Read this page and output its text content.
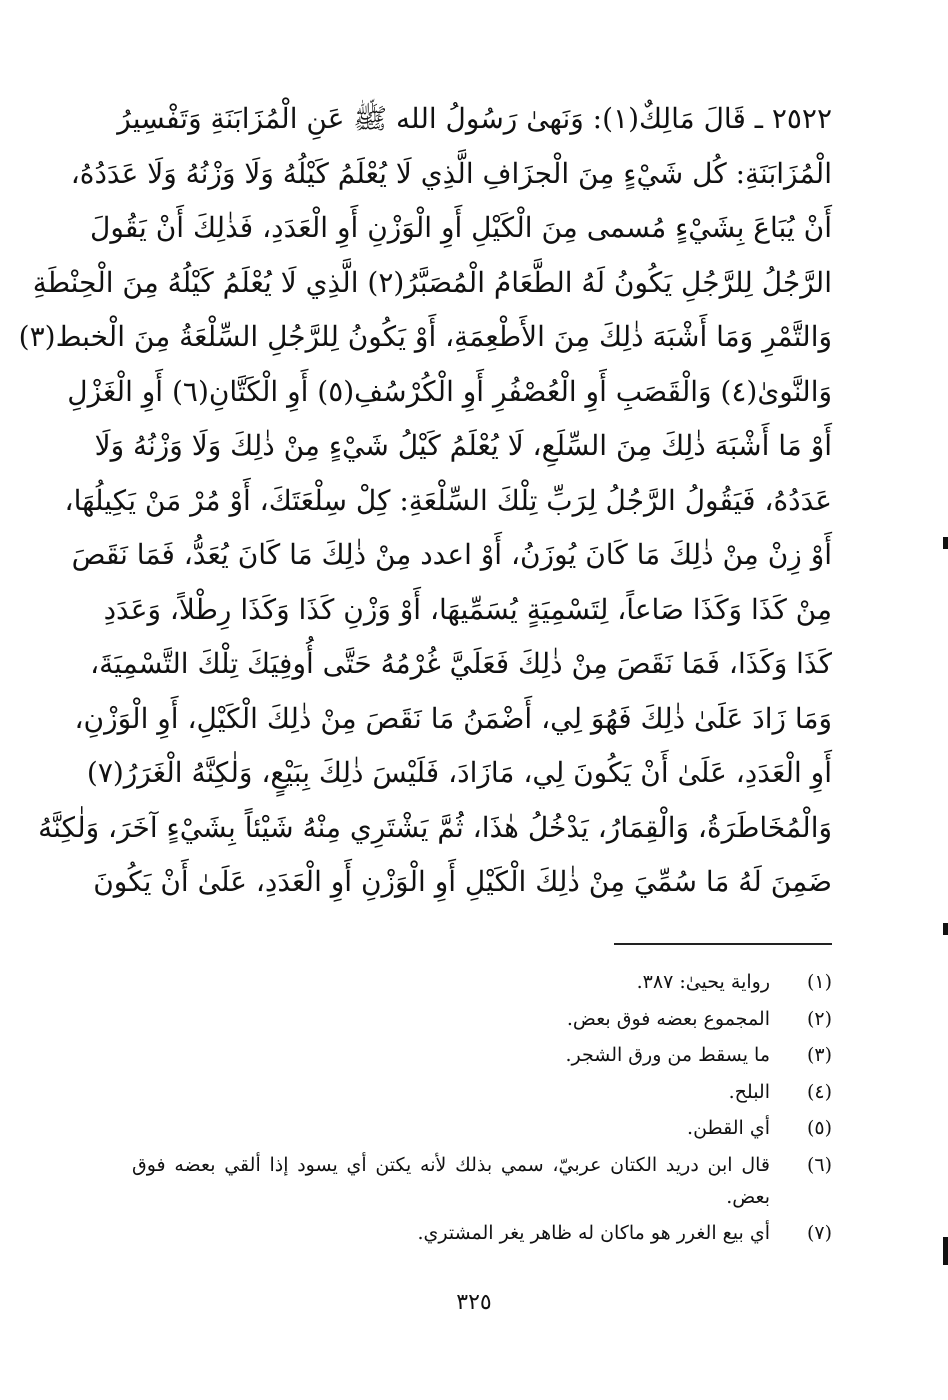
٢٥٢٢ ـ قَالَ مَالِكٌ(١): وَنَهىٰ رَسُولُ الله ﷺ عَنِ الْمُزَابَنَةِ وَتَفْسِيرُ
الْمُزَابَنَةِ: كُل شَيْءٍ مِنَ الْجزَافِ الَّذِي لَا يُعْلَمُ كَيْلُهُ وَلَا وَزْنُهُ وَلَا عَدَدُهُ،
أَنْ يُبَاعَ بِشَيْءٍ مُسمى مِنَ الْكَيْلِ أَوِ الْوَزْنِ أَوِ الْعَدَدِ، فَذٰلِكَ أَنْ يَقُولَ
الرَّجُلُ لِلرَّجُلِ يَكُونُ لَهُ الطَّعَامُ الْمُصَبَّرُ(٢) الَّذِي لَا يُعْلَمُ كَيْلُهُ مِنَ الْحِنْطَةِ
وَالتَّمْرِ وَمَا أَشْبَهَ ذٰلِكَ مِنَ الأَطْعِمَةِ، أَوْ يَكُونُ لِلرَّجُلِ السِّلْعَةُ مِنَ الْخبط(٣)
وَالنَّوىٰ(٤) وَالْقَصَبِ أَوِ الْعُصْفُرِ أَوِ الْكُرْسُفِ(٥) أَوِ الْكَتَّانِ(٦) أَوِ الْغَزْلِ
أَوْ مَا أَشْبَهَ ذٰلِكَ مِنَ السِّلَعِ، لَا يُعْلَمُ كَيْلُ شَيْءٍ مِنْ ذٰلِكَ وَلَا وَزْنُهُ وَلَا
عَدَدُهُ، فَيَقُولُ الرَّجُلُ لِرَبِّ تِلْكَ السِّلْعَةِ: كِلْ سِلْعَتَكَ، أَوْ مُرْ مَنْ يَكِيلُهَا،
أَوْ زِنْ مِنْ ذٰلِكَ مَا كَانَ يُوزَنُ، أَوْ اعدد مِنْ ذٰلِكَ مَا كَانَ يُعَدُّ، فَمَا نَقَصَ
مِنْ كَذَا وَكَذَا صَاعاً، لِتَسْمِيَةٍ يُسَمِّيهَا، أَوْ وَزْنِ كَذَا وَكَذَا رِطْلاً، وَعَدَدِ
كَذَا وَكَذَا، فَمَا نَقَصَ مِنْ ذٰلِكَ فَعَلَيَّ غُرْمُهُ حَتَّى أُوفِيَكَ تِلْكَ التَّسْمِيَةَ،
وَمَا زَادَ عَلَىٰ ذٰلِكَ فَهُوَ لِي، أَضْمَنُ مَا نَقَصَ مِنْ ذٰلِكَ الْكَيْلِ، أَوِ الْوَزْنِ،
أَوِ الْعَدَدِ، عَلَىٰ أَنْ يَكُونَ لِي، مَازَادَ، فَلَيْسَ ذٰلِكَ بِبَيْعٍ، وَلٰكِنَّهُ الْغَرَرُ(٧)
وَالْمُخَاطَرَةُ، وَالْقِمَارُ، يَدْخُلُ هٰذَا، ثُمَّ يَشْتَرِي مِنْهُ شَيْئاً بِشَيْءٍ آخَرَ، وَلٰكِنَّهُ
ضَمِنَ لَهُ مَا سُمِّيَ مِنْ ذٰلِكَ الْكَيْلِ أَوِ الْوَزْنِ أَوِ الْعَدَدِ، عَلَىٰ أَنْ يَكُونَ
(١)
رواية يحيىٰ: ٣٨٧.
(٢)
المجموع بعضه فوق بعض.
(٣)
ما يسقط من ورق الشجر.
(٤)
البلح.
(٥)
أي القطن.
(٦)
قال ابن دريد الكتان عربيّ، سمي بذلك لأنه يكتن أي يسود إذا ألقي بعضه فوق
بعض.
(٧)
أي بيع الغرر هو ماكان له ظاهر يغر المشتري.
٣٢٥
